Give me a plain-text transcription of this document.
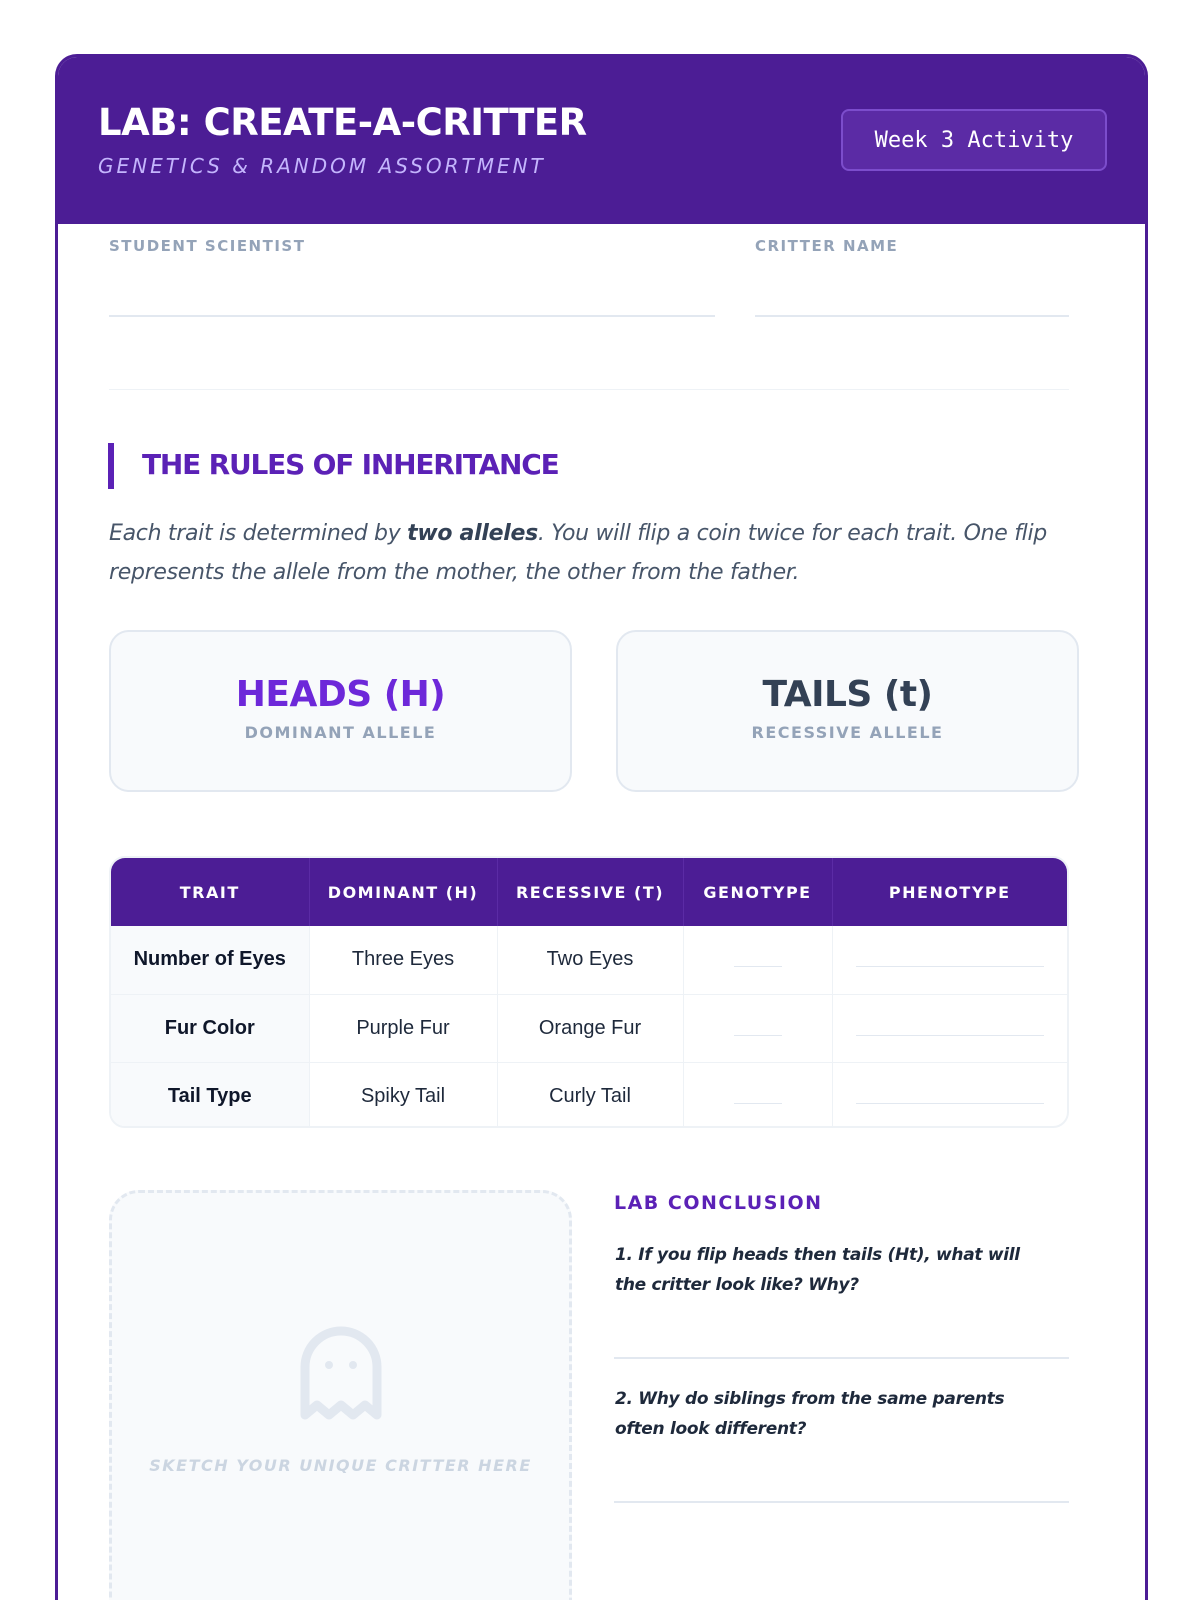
LAB: CREATE-A-CRITTER
GENETICS & RANDOM ASSORTMENT
Week 3 Activity
STUDENT SCIENTIST	CRITTER NAME
THE RULES OF INHERITANCE
Each trait is determined by two alleles. You will flip a coin twice for each trait. One flip represents the allele from the mother, the other from the father.
HEADS (H)
DOMINANT ALLELE
TAILS (t)
RECESSIVE ALLELE
TRAIT	DOMINANT (H)	RECESSIVE (T)	GENOTYPE	PHENOTYPE
Number of Eyes	Three Eyes	Two Eyes		
Fur Color	Purple Fur	Orange Fur		
Tail Type	Spiky Tail	Curly Tail		
SKETCH YOUR UNIQUE CRITTER HERE
LAB CONCLUSION
1. If you flip heads then tails (Ht), what will the critter look like? Why?
2. Why do siblings from the same parents often look different?
